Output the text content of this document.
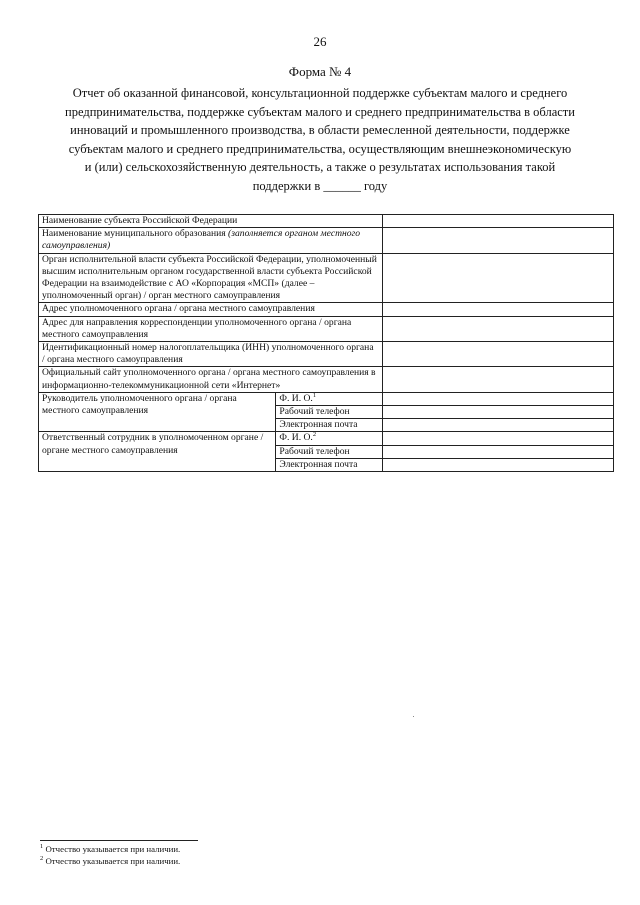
26
Форма № 4
Отчет об оказанной финансовой, консультационной поддержке субъектам малого и среднего
предпринимательства, поддержке субъектам малого и среднего предпринимательства в области
инноваций и промышленного производства, в области ремесленной деятельности, поддержке
субъектам малого и среднего предпринимательства, осуществляющим внешнеэкономическую
и (или) сельскохозяйственную деятельность, а также о результатах использования такой
поддержки в ______ году
Наименование субъекта Российской Федерации		
Наименование муниципального образования (заполняется органом местного самоуправления)		
Орган исполнительной власти субъекта Российской Федерации, уполномоченный высшим исполнительным органом государственной власти субъекта Российской Федерации на взаимодействие с АО «Корпорация «МСП» (далее – уполномоченный орган) / орган местного самоуправления		
Адрес уполномоченного органа / органа местного самоуправления		
Адрес для направления корреспонденции уполномоченного органа / органа местного самоуправления		
Идентификационный номер налогоплательщика (ИНН) уполномоченного органа / органа местного самоуправления		
Официальный сайт уполномоченного органа / органа местного самоуправления в информационно-телекоммуникационной сети «Интернет»		
Руководитель уполномоченного органа / органа местного самоуправления	Ф. И. О.$^1$	
	Рабочий телефон	
	Электронная почта	
Ответственный сотрудник в уполномоченном органе / органе местного самоуправления	Ф. И. О.$^2$	
	Рабочий телефон	
	Электронная почта	
$^1$ Отчество указывается при наличии.
$^2$ Отчество указывается при наличии.
